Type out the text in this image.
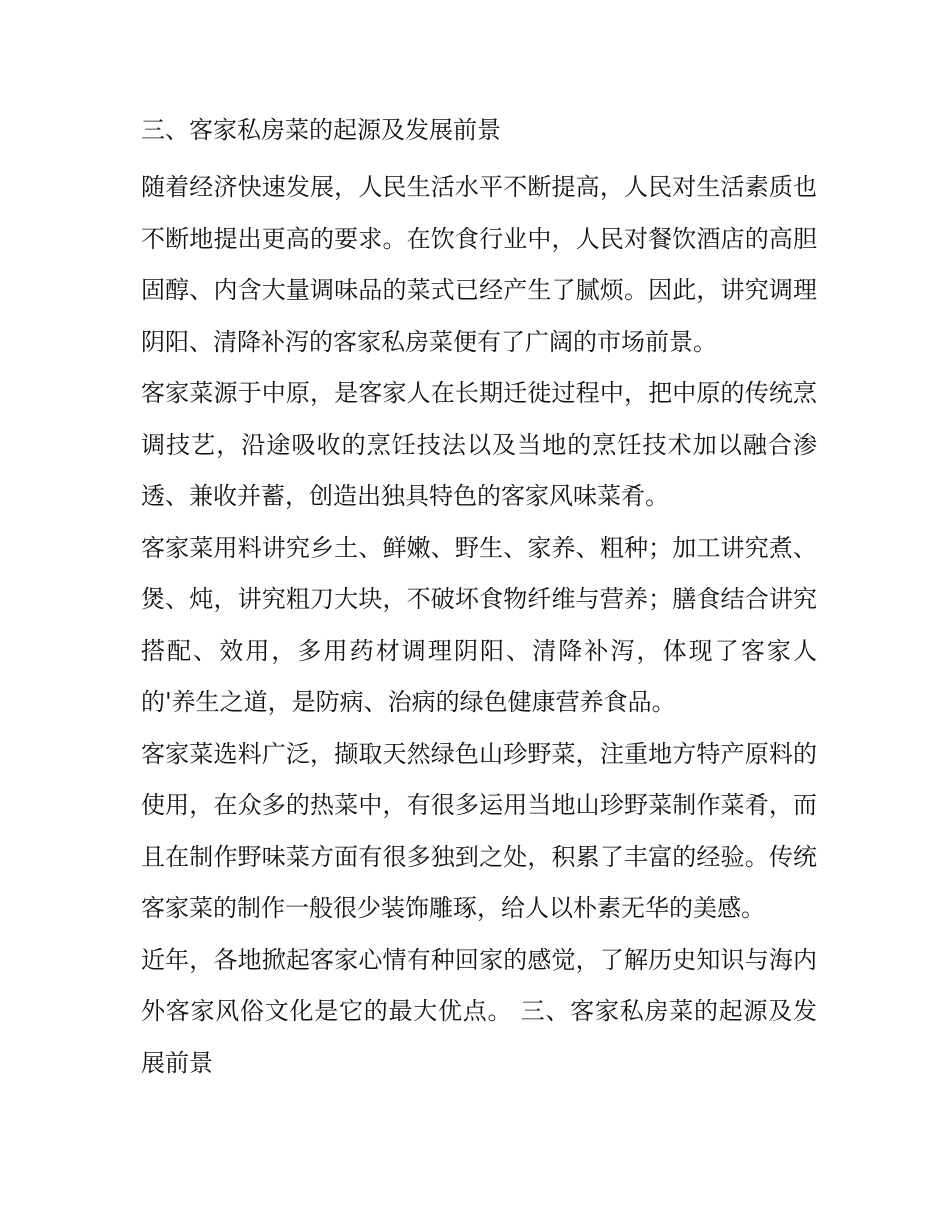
三、客家私房菜的起源及发展前景

随着经济快速发展，人民生活水平不断提高，人民对生活素质也不断地提出更高的要求。在饮食行业中，人民对餐饮酒店的高胆固醇、内含大量调味品的菜式已经产生了腻烦。因此，讲究调理阴阳、清降补泻的客家私房菜便有了广阔的市场前景。

客家菜源于中原，是客家人在长期迁徙过程中，把中原的传统烹调技艺，沿途吸收的烹饪技法以及当地的烹饪技术加以融合渗透、兼收并蓄，创造出独具特色的客家风味菜肴。

客家菜用料讲究乡土、鲜嫩、野生、家养、粗种；加工讲究煮、煲、炖，讲究粗刀大块，不破坏食物纤维与营养；膳食结合讲究搭配、效用，多用药材调理阴阳、清降补泻，体现了客家人的'养生之道，是防病、治病的绿色健康营养食品。

客家菜选料广泛，撷取天然绿色山珍野菜，注重地方特产原料的使用，在众多的热菜中，有很多运用当地山珍野菜制作菜肴，而且在制作野味菜方面有很多独到之处，积累了丰富的经验。传统客家菜的制作一般很少装饰雕琢，给人以朴素无华的美感。

近年，各地掀起客家心情有种回家的感觉，了解历史知识与海内外客家风俗文化是它的最大优点。 三、客家私房菜的起源及发展前景
